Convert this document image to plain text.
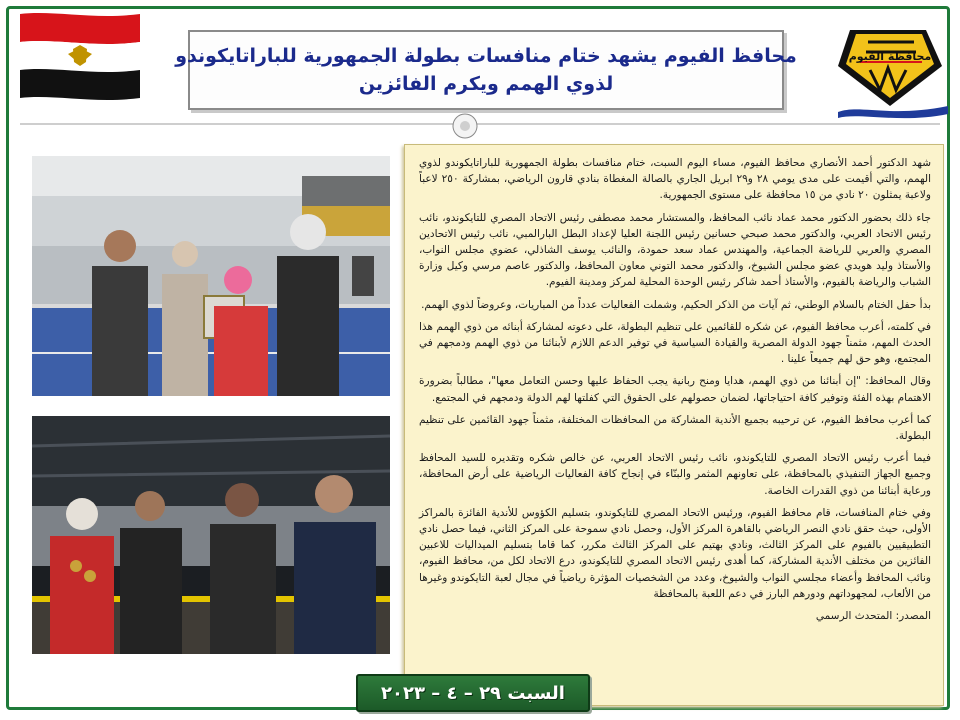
محافظة الفيوم
محافظ الفيوم يشهد ختام منافسات بطولة الجمهورية للباراتايكوندو
لذوي الهمم ويكرم الفائزين

شهد الدكتور أحمد الأنصاري محافظ الفيوم، مساء اليوم السبت، ختام منافسات بطولة الجمهورية للباراتايكوندو لذوي الهمم، والتي أقيمت على مدى يومي ٢٨ و٢٩ ابريل الجاري بالصالة المغطاة بنادي قارون الرياضي، بمشاركة ٢٥٠ لاعباً ولاعبة يمثلون ٢٠ نادي من ١٥ محافظة على مستوى الجمهورية.

جاء ذلك بحضور الدكتور محمد عماد نائب المحافظ، والمستشار محمد مصطفى رئيس الاتحاد المصري للتايكوندو، نائب رئيس الاتحاد العربي، والدكتور محمد صبحي حسانين رئيس اللجنة العليا لإعداد البطل البارالمبي، نائب رئيس الاتحادين المصري والعربي للرياضة الجماعية، والمهندس عماد سعد حمودة، والنائب يوسف الشاذلي، عضوي مجلس النواب، والأستاذ وليد هويدي عضو مجلس الشيوخ، والدكتور محمد التوني معاون المحافظ، والدكتور عاصم مرسي وكيل وزارة الشباب والرياضة بالفيوم، والأستاذ أحمد شاكر رئيس الوحدة المحلية لمركز ومدينة الفيوم.

بدأ حفل الختام بالسلام الوطني، ثم آيات من الذكر الحكيم، وشملت الفعاليات عدداً من المباريات، وعروضاً لذوي الهمم.

في كلمته، أعرب محافظ الفيوم، عن شكره للقائمين على تنظيم البطولة، على دعوته لمشاركة أبنائه من ذوي الهمم هذا الحدث المهم، مثمناً جهود الدولة المصرية والقيادة السياسية في توفير الدعم اللازم لأبنائنا من ذوي الهمم ودمجهم في المجتمع، وهو حق لهم جميعاً علينا .

وقال المحافظ: "إن أبنائنا من ذوي الهمم، هدايا ومنح ربانية يجب الحفاظ عليها وحسن التعامل معها"، مطالباً بضرورة الاهتمام بهذه الفئة وتوفير كافة احتياجاتها، لضمان حصولهم على الحقوق التي كفلتها لهم الدولة ودمجهم في المجتمع.

كما أعرب محافظ الفيوم، عن ترحيبه بجميع الأندية المشاركة من المحافظات المختلفة، مثمناً جهود القائمين على تنظيم البطولة.

فيما أعرب رئيس الاتحاد المصري للتايكوندو، نائب رئيس الاتحاد العربي، عن خالص شكره وتقديره للسيد المحافظ وجميع الجهاز التنفيذي بالمحافظة، على تعاونهم المثمر والبنّاء في إنجاح كافة الفعاليات الرياضية على أرض المحافظة، ورعاية أبنائنا من ذوي القدرات الخاصة.

وفي ختام المنافسات، قام محافظ الفيوم، ورئيس الاتحاد المصري للتايكوندو، بتسليم الكؤوس للأندية الفائزة بالمراكز الأولى، حيث حقق نادي النصر الرياضي بالقاهرة المركز الأول، وحصل نادي سموحة على المركز الثاني، فيما حصل نادي التطبيقيين بالفيوم على المركز الثالث، ونادي بهتيم على المركز الثالث مكرر، كما قاما بتسليم الميداليات للاعبين الفائزين من مختلف الأندية المشاركة، كما أهدى رئيس الاتحاد المصري للتايكوندو، درع الاتحاد لكل من، محافظ الفيوم، ونائب المحافظ وأعضاء مجلسي النواب والشيوخ، وعدد من الشخصيات المؤثرة رياضياً في مجال لعبة التايكوندو وغيرها من الألعاب، لمجهوداتهم ودورهم البارز في دعم اللعبة بالمحافظة

المصدر: المتحدث الرسمي

السبت ٢٩ – ٤ – ٢٠٢٣
